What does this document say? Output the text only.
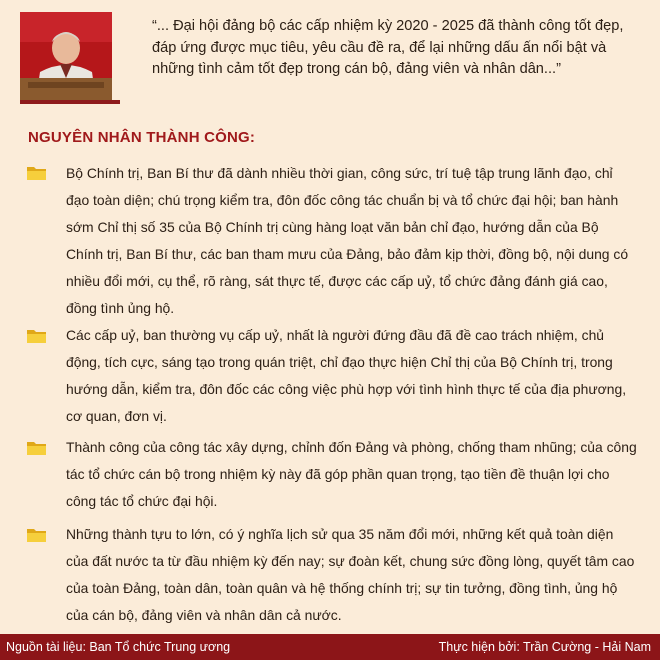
“... Đại hội đảng bộ các cấp nhiệm kỳ 2020 - 2025 đã thành công tốt đẹp, đáp ứng được mục tiêu, yêu cầu đề ra, để lại những dấu ấn nổi bật và những tình cảm tốt đẹp trong cán bộ, đảng viên và nhân dân...”
NGUYÊN NHÂN THÀNH CÔNG:
Bộ Chính trị, Ban Bí thư đã dành nhiều thời gian, công sức, trí tuệ tập trung lãnh đạo, chỉ đạo toàn diện; chú trọng kiểm tra, đôn đốc công tác chuẩn bị và tổ chức đại hội; ban hành sớm Chỉ thị số 35 của Bộ Chính trị cùng hàng loạt văn bản chỉ đạo, hướng dẫn của Bộ Chính trị, Ban Bí thư, các ban tham mưu của Đảng, bảo đảm kịp thời, đồng bộ, nội dung có nhiều đổi mới, cụ thể, rõ ràng, sát thực tế, được các cấp uỷ, tổ chức đảng đánh giá cao, đồng tình ủng hộ.
Các cấp uỷ, ban thường vụ cấp uỷ, nhất là người đứng đầu đã đề cao trách nhiệm, chủ động, tích cực, sáng tạo trong quán triệt, chỉ đạo thực hiện Chỉ thị của Bộ Chính trị, trong hướng dẫn, kiểm tra, đôn đốc các công việc phù hợp với tình hình thực tế của địa phương, cơ quan, đơn vị.
Thành công của công tác xây dựng, chỉnh đốn Đảng và phòng, chống tham nhũng; của công tác tổ chức cán bộ trong nhiệm kỳ này đã góp phần quan trọng, tạo tiền đề thuận lợi cho công tác tổ chức đại hội.
Những thành tựu to lớn, có ý nghĩa lịch sử qua 35 năm đổi mới, những kết quả toàn diện của đất nước ta từ đầu nhiệm kỳ đến nay; sự đoàn kết, chung sức đồng lòng, quyết tâm cao của toàn Đảng, toàn dân, toàn quân và hệ thống chính trị; sự tin tưởng, đồng tình, ủng hộ của cán bộ, đảng viên và nhân dân cả nước.
Nguồn tài liệu: Ban Tổ chức Trung ương	Thực hiện bởi: Trần Cường - Hải Nam
